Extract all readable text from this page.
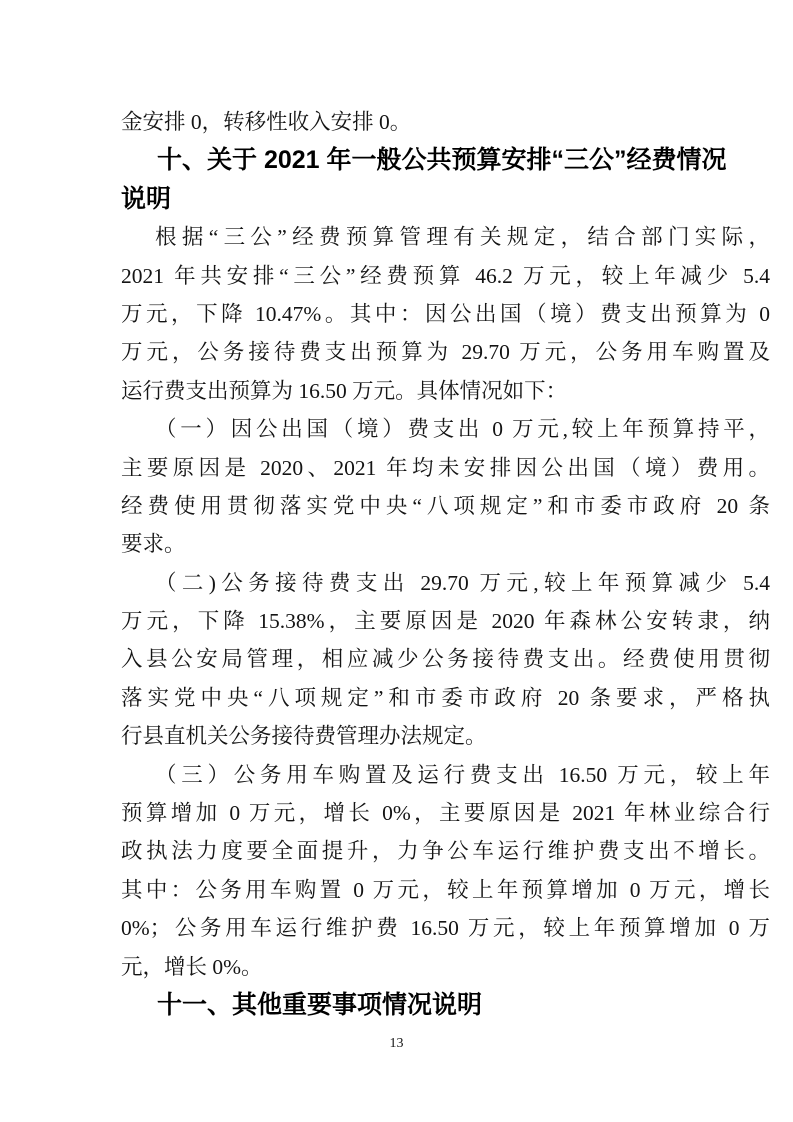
金安排 0，转移性收入安排 0。
十、关于 2021 年一般公共预算安排“三公”经费情况
说明
根据“三公”经费预算管理有关规定，结合部门实际，
2021 年共安排“三公”经费预算 46.2 万元，较上年减少 5.4
万元，下降 10.47%。其中：因公出国（境）费支出预算为 0
万元，公务接待费支出预算为 29.70 万元，公务用车购置及
运行费支出预算为 16.50 万元。具体情况如下：
（一）因公出国（境）费支出 0 万元,较上年预算持平，
主要原因是 2020、2021 年均未安排因公出国（境）费用。
经费使用贯彻落实党中央“八项规定”和市委市政府 20 条
要求。
（二)公务接待费支出 29.70 万元,较上年预算减少 5.4
万元，下降 15.38%，主要原因是 2020 年森林公安转隶，纳
入县公安局管理，相应减少公务接待费支出。经费使用贯彻
落实党中央“八项规定”和市委市政府 20 条要求，严格执
行县直机关公务接待费管理办法规定。
（三）公务用车购置及运行费支出 16.50 万元，较上年
预算增加 0 万元，增长 0%，主要原因是 2021 年林业综合行
政执法力度要全面提升，力争公车运行维护费支出不增长。
其中：公务用车购置 0 万元，较上年预算增加 0 万元，增长
0%；公务用车运行维护费 16.50 万元，较上年预算增加 0 万
元，增长 0%。
十一、其他重要事项情况说明
13
